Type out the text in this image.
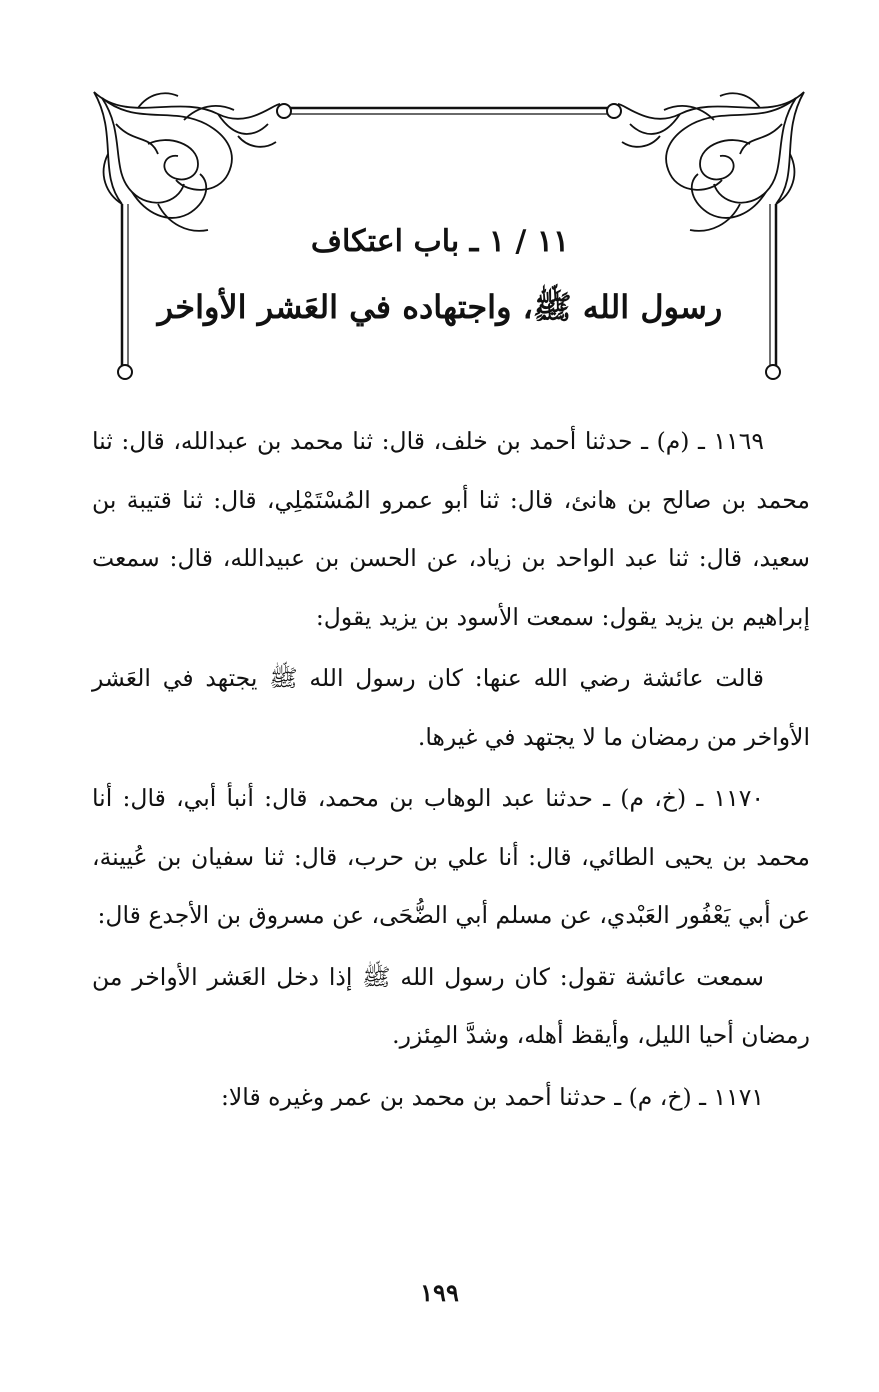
١١ / ١ ـ باب اعتكاف
رسول الله ﷺ، واجتهاده في العَشر الأواخر

١١٦٩ ـ (م) ـ حدثنا أحمد بن خلف، قال: ثنا محمد بن عبدالله، قال: ثنا محمد بن صالح بن هانئ، قال: ثنا أبو عمرو المُسْتَمْلِي، قال: ثنا قتيبة بن سعيد، قال: ثنا عبد الواحد بن زياد، عن الحسن بن عبيدالله، قال: سمعت إبراهيم بن يزيد يقول: سمعت الأسود بن يزيد يقول:

قالت عائشة رضي الله عنها: كان رسول الله ﷺ يجتهد في العَشر الأواخر من رمضان ما لا يجتهد في غيرها.

١١٧٠ ـ (خ، م) ـ حدثنا عبد الوهاب بن محمد، قال: أنبأ أبي، قال: أنا محمد بن يحيى الطائي، قال: أنا علي بن حرب، قال: ثنا سفيان بن عُيينة، عن أبي يَعْفُور العَبْدي، عن مسلم أبي الضُّحَى، عن مسروق بن الأجدع قال:

سمعت عائشة تقول: كان رسول الله ﷺ إذا دخل العَشر الأواخر من رمضان أحيا الليل، وأيقظ أهله، وشدَّ المِئزر.

١١٧١ ـ (خ، م) ـ حدثنا أحمد بن محمد بن عمر وغيره قالا:

١٩٩
